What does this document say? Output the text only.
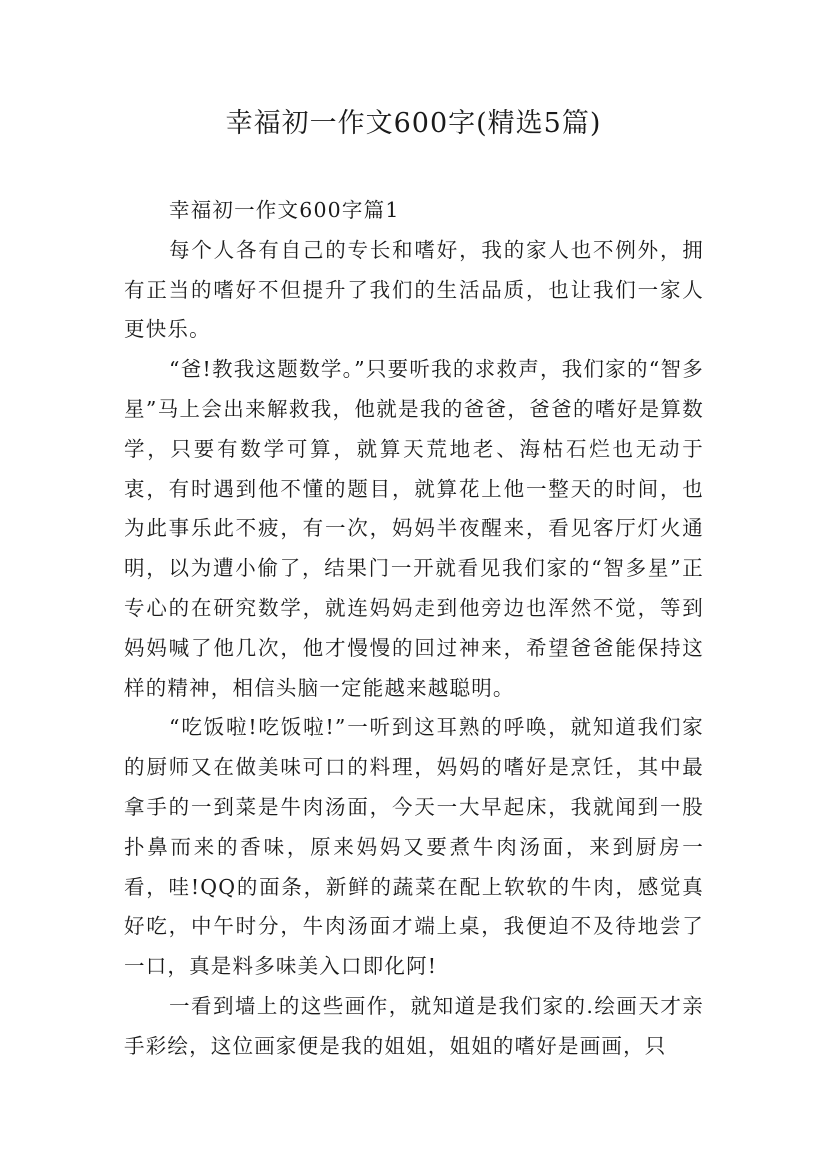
幸福初一作文600字(精选5篇)
幸福初一作文600字篇1

每个人各有自己的专长和嗜好，我的家人也不例外，拥有正当的嗜好不但提升了我们的生活品质，也让我们一家人更快乐。

“爸!教我这题数学。”只要听我的求救声，我们家的“智多星”马上会出来解救我，他就是我的爸爸，爸爸的嗜好是算数学，只要有数学可算，就算天荒地老、海枯石烂也无动于衷，有时遇到他不懂的题目，就算花上他一整天的时间，也为此事乐此不疲，有一次，妈妈半夜醒来，看见客厅灯火通明，以为遭小偷了，结果门一开就看见我们家的“智多星”正专心的在研究数学，就连妈妈走到他旁边也浑然不觉，等到妈妈喊了他几次，他才慢慢的回过神来，希望爸爸能保持这样的精神，相信头脑一定能越来越聪明。

“吃饭啦!吃饭啦!”一听到这耳熟的呼唤，就知道我们家的厨师又在做美味可口的料理，妈妈的嗜好是烹饪，其中最拿手的一到菜是牛肉汤面，今天一大早起床，我就闻到一股扑鼻而来的香味，原来妈妈又要煮牛肉汤面，来到厨房一看，哇!QQ的面条，新鲜的蔬菜在配上软软的牛肉，感觉真好吃，中午时分，牛肉汤面才端上桌，我便迫不及待地尝了一口，真是料多味美入口即化阿!

一看到墙上的这些画作，就知道是我们家的.绘画天才亲手彩绘，这位画家便是我的姐姐，姐姐的嗜好是画画，只
